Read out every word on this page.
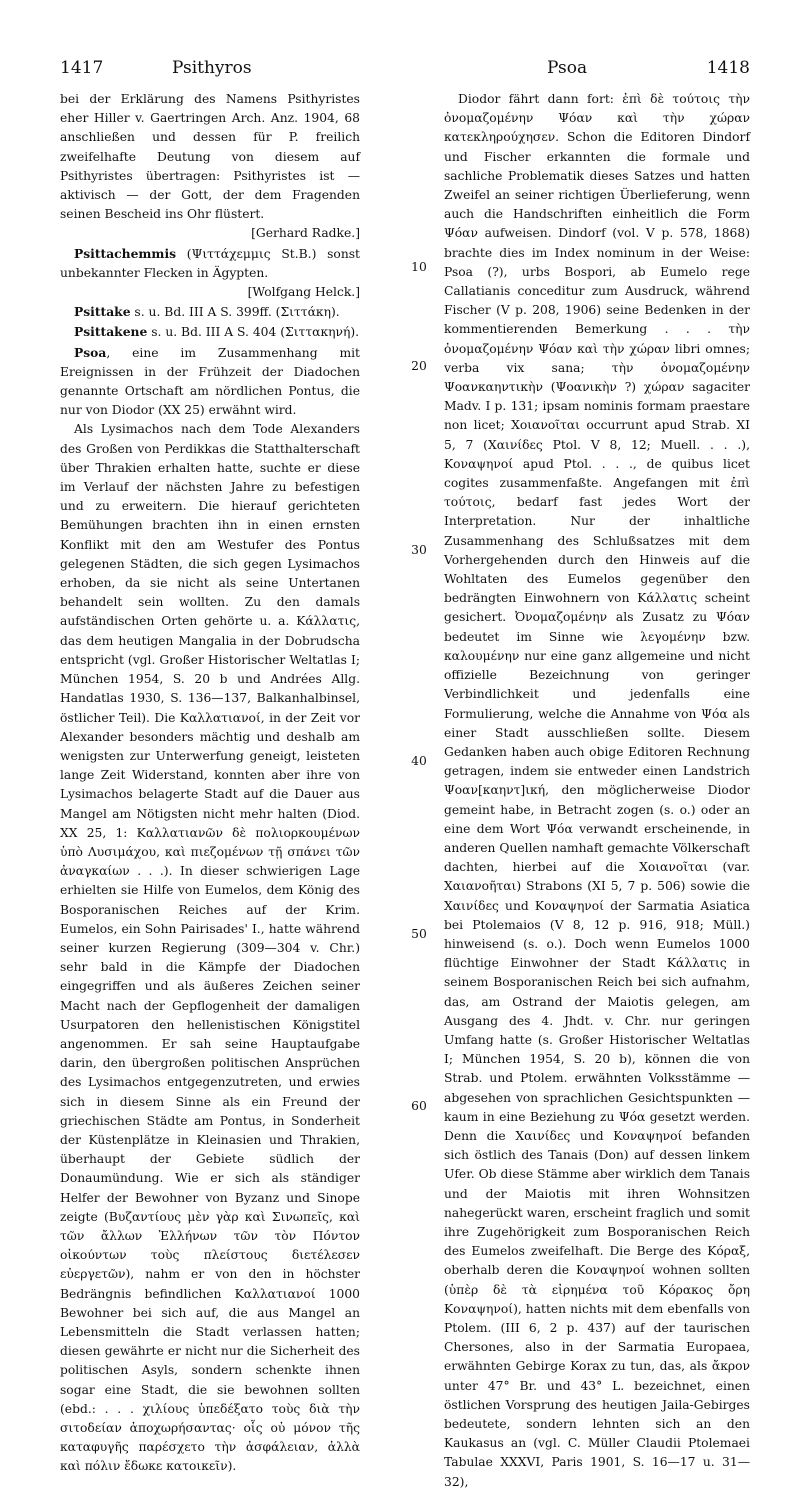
1417	Psithyros	Psoa	1418

bei der Erklärung des Namens Psithyristes eher Hiller v. Gaertringen Arch. Anz. 1904, 68 anschließen und dessen für P. freilich zweifelhafte Deutung von diesem auf Psithyristes übertragen: Psithyristes ist — aktivisch — der Gott, der dem Fragenden seinen Bescheid ins Ohr flüstert.

[Gerhard Radke.]

Psittachemmis (Ψιττάχεμμις St.B.) sonst unbekannter Flecken in Ägypten.

[Wolfgang Helck.]

Psittake s. u. Bd. III A S. 399ff. (Σιττάκη).

Psittakene s. u. Bd. III A S. 404 (Σιττακηνή).

Psoa, eine im Zusammenhang mit Ereignissen in der Frühzeit der Diadochen genannte Ortschaft am nördlichen Pontus, die nur von Diodor (XX 25) erwähnt wird.

Als Lysimachos nach dem Tode Alexanders des Großen von Perdikkas die Statthalterschaft über Thrakien erhalten hatte, suchte er diese im Verlauf der nächsten Jahre zu befestigen und zu erweitern. Die hierauf gerichteten Bemühungen brachten ihn in einen ernsten Konflikt mit den am Westufer des Pontus gelegenen Städten, die sich gegen Lysimachos erhoben, da sie nicht als seine Untertanen behandelt sein wollten. Zu den damals aufständischen Orten gehörte u. a. Κάλλατις, das dem heutigen Mangalia in der Dobrudscha entspricht (vgl. Großer Historischer Weltatlas I; München 1954, S. 20 b und Andrées Allg. Handatlas 1930, S. 136—137, Balkanhalbinsel, östlicher Teil). Die Καλλατιανοί, in der Zeit vor Alexander besonders mächtig und deshalb am wenigsten zur Unterwerfung geneigt, leisteten lange Zeit Widerstand, konnten aber ihre von Lysimachos belagerte Stadt auf die Dauer aus Mangel am Nötigsten nicht mehr halten (Diod. XX 25, 1: Καλλατιανῶν δὲ πολιορκουμένων ὑπὸ Λυσιμάχου, καὶ πιεζομένων τῇ σπάνει τῶν ἀναγκαίων . . .). In dieser schwierigen Lage erhielten sie Hilfe von Eumelos, dem König des Bosporanischen Reiches auf der Krim. Eumelos, ein Sohn Pairisades' I., hatte während seiner kurzen Regierung (309—304 v. Chr.) sehr bald in die Kämpfe der Diadochen eingegriffen und als äußeres Zeichen seiner Macht nach der Gepflogenheit der damaligen Usurpatoren den hellenistischen Königstitel angenommen. Er sah seine Hauptaufgabe darin, den übergroßen politischen Ansprüchen des Lysimachos entgegenzutreten, und erwies sich in diesem Sinne als ein Freund der griechischen Städte am Pontus, in Sonderheit der Küstenplätze in Kleinasien und Thrakien, überhaupt der Gebiete südlich der Donaumündung. Wie er sich als ständiger Helfer der Bewohner von Byzanz und Sinope zeigte (Βυζαντίους μὲν γὰρ καὶ Σινωπεῖς, καὶ τῶν ἄλλων Ἑλλήνων τῶν τὸν Πόντον οἰκούντων τοὺς πλείστους διετέλεσεν εὐεργετῶν), nahm er von den in höchster Bedrängnis befindlichen Καλλατιανοί 1000 Bewohner bei sich auf, die aus Mangel an Lebensmitteln die Stadt verlassen hatten; diesen gewährte er nicht nur die Sicherheit des politischen Asyls, sondern schenkte ihnen sogar eine Stadt, die sie bewohnen sollten (ebd.: . . . χιλίους ὑπεδέξατο τοὺς διὰ τὴν σιτοδείαν ἀποχωρήσαντας· οἷς οὐ μόνον τῆς καταφυγῆς παρέσχετο τὴν ἀσφάλειαν, ἀλλὰ καὶ πόλιν ἔδωκε κατοικεῖν).

10
20
30
40
50
60

Diodor fährt dann fort: ἐπὶ δὲ τούτοις τὴν ὀνομαζομένην Ψόαν καὶ τὴν χώραν κατεκληρούχησεν. Schon die Editoren Dindorf und Fischer erkannten die formale und sachliche Problematik dieses Satzes und hatten Zweifel an seiner richtigen Überlieferung, wenn auch die Handschriften einheitlich die Form Ψόαν aufweisen. Dindorf (vol. V p. 578, 1868) brachte dies im Index nominum in der Weise: Psoa (?), urbs Bospori, ab Eumelo rege Callatianis conceditur zum Ausdruck, während Fischer (V p. 208, 1906) seine Bedenken in der kommentierenden Bemerkung . . . τὴν ὀνομαζομένην Ψόαν καὶ τὴν χώραν libri omnes; verba vix sana; τὴν ὀνομαζομένην Ψοανκαηντικὴν (Ψοανικὴν ?) χώραν sagaciter Madv. I p. 131; ipsam nominis formam praestare non licet; Χοιανοῖται occurrunt apud Strab. XI 5, 7 (Χαινίδες Ptol. V 8, 12; Muell. . . .), Κοναψηνοί apud Ptol. . . ., de quibus licet cogites zusammenfaßte. Angefangen mit ἐπὶ τούτοις, bedarf fast jedes Wort der Interpretation. Nur der inhaltliche Zusammenhang des Schlußsatzes mit dem Vorhergehenden durch den Hinweis auf die Wohltaten des Eumelos gegenüber den bedrängten Einwohnern von Κάλλατις scheint gesichert. Ὀνομαζομένην als Zusatz zu Ψόαν bedeutet im Sinne wie λεγομένην bzw. καλουμένην nur eine ganz allgemeine und nicht offizielle Bezeichnung von geringer Verbindlichkeit und jedenfalls eine Formulierung, welche die Annahme von Ψόα als einer Stadt ausschließen sollte. Diesem Gedanken haben auch obige Editoren Rechnung getragen, indem sie entweder einen Landstrich Ψοαν[καηντ]ική, den möglicherweise Diodor gemeint habe, in Betracht zogen (s. o.) oder an eine dem Wort Ψόα verwandt erscheinende, in anderen Quellen namhaft gemachte Völkerschaft dachten, hierbei auf die Χοιανοῖται (var. Χαιανοῆται) Strabons (XI 5, 7 p. 506) sowie die Χαινίδες und Κοναψηνοί der Sarmatia Asiatica bei Ptolemaios (V 8, 12 p. 916, 918; Müll.) hinweisend (s. o.). Doch wenn Eumelos 1000 flüchtige Einwohner der Stadt Κάλλατις in seinem Bosporanischen Reich bei sich aufnahm, das, am Ostrand der Maiotis gelegen, am Ausgang des 4. Jhdt. v. Chr. nur geringen Umfang hatte (s. Großer Historischer Weltatlas I; München 1954, S. 20 b), können die von Strab. und Ptolem. erwähnten Volksstämme — abgesehen von sprachlichen Gesichtspunkten — kaum in eine Beziehung zu Ψόα gesetzt werden. Denn die Χαινίδες und Κοναψηνοί befanden sich östlich des Tanais (Don) auf dessen linkem Ufer. Ob diese Stämme aber wirklich dem Tanais und der Maiotis mit ihren Wohnsitzen nahegerückt waren, erscheint fraglich und somit ihre Zugehörigkeit zum Bosporanischen Reich des Eumelos zweifelhaft. Die Berge des Κόραξ, oberhalb deren die Κοναψηνοί wohnen sollten (ὑπὲρ δὲ τὰ εἰρημένα τοῦ Κόρακος ὄρη Κοναψηνοί), hatten nichts mit dem ebenfalls von Ptolem. (III 6, 2 p. 437) auf der taurischen Chersones, also in der Sarmatia Europaea, erwähnten Gebirge Korax zu tun, das, als ἄκρον unter 47° Br. und 43° L. bezeichnet, einen östlichen Vorsprung des heutigen Jaila-Gebirges bedeutete, sondern lehnten sich an den Kaukasus an (vgl. C. Müller Claudii Ptolemaei Tabulae XXXVI, Paris 1901, S. 16—17 u. 31—32),
